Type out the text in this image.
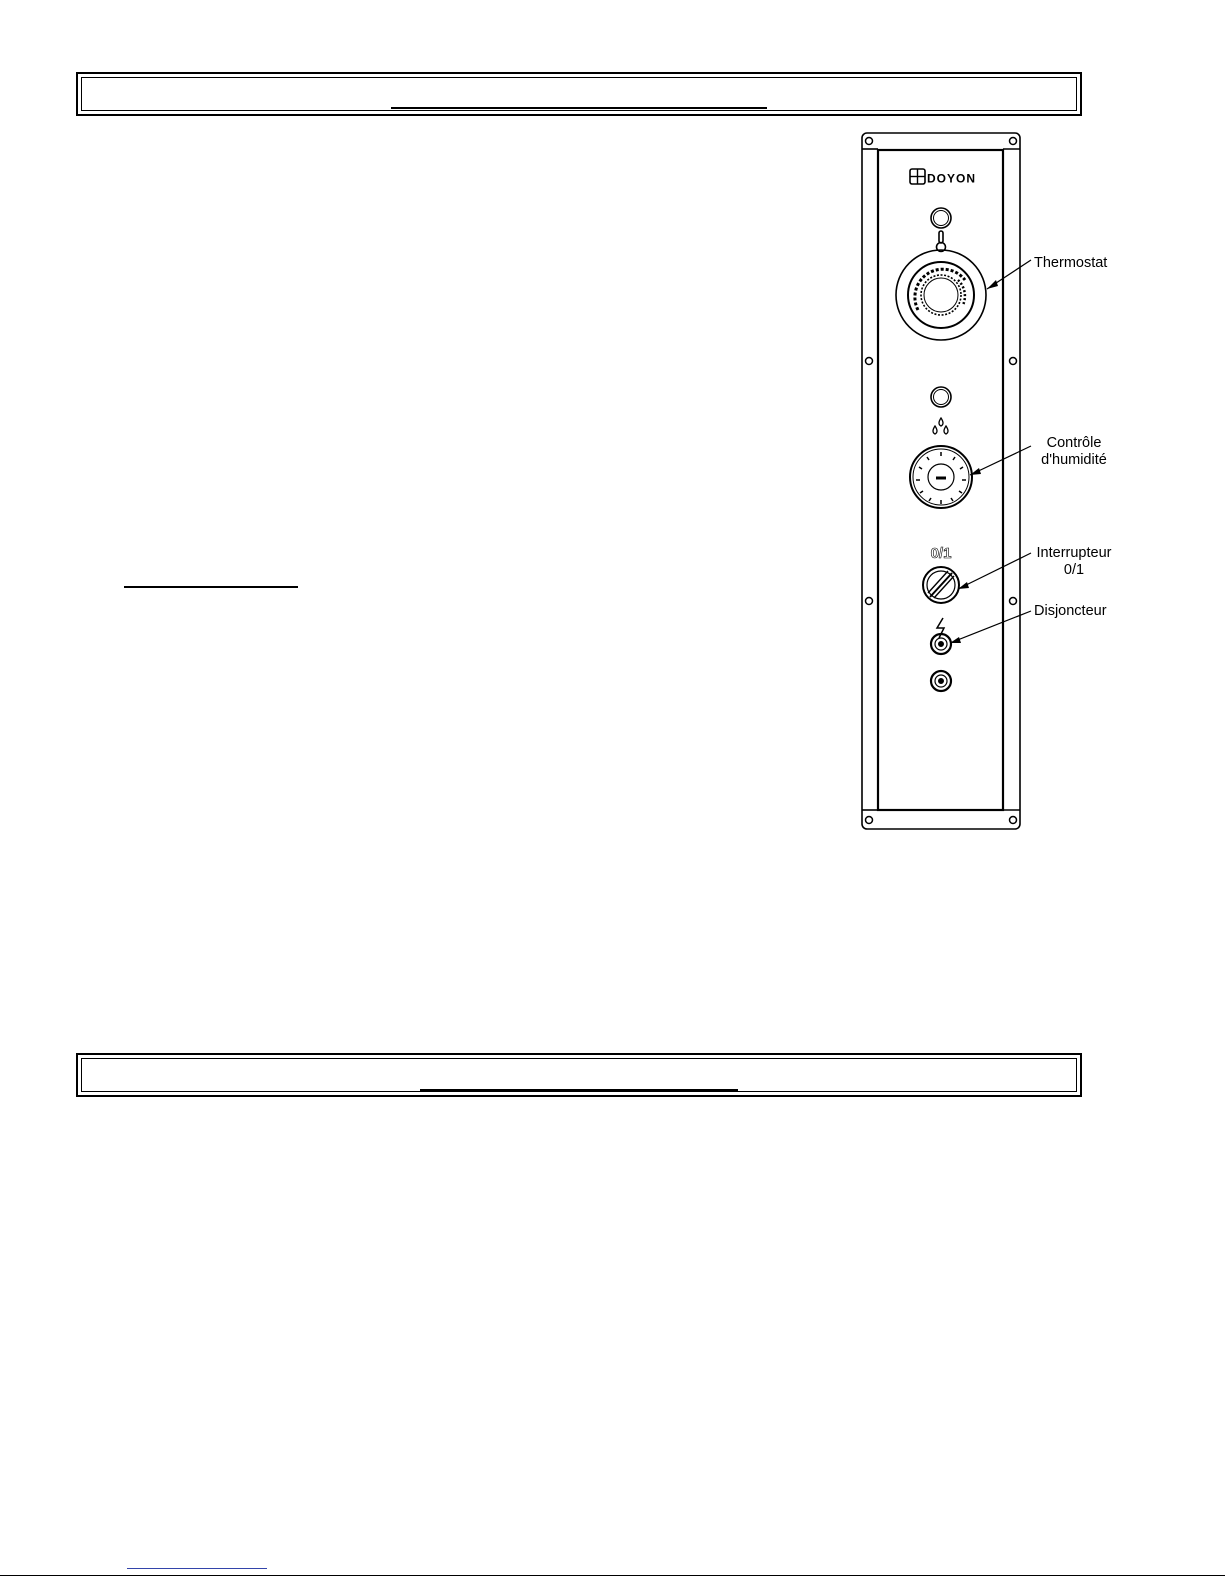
DOYON
0/1
Thermostat
Contrôle
d'humidité
Interrupteur
0/1
Disjoncteur
